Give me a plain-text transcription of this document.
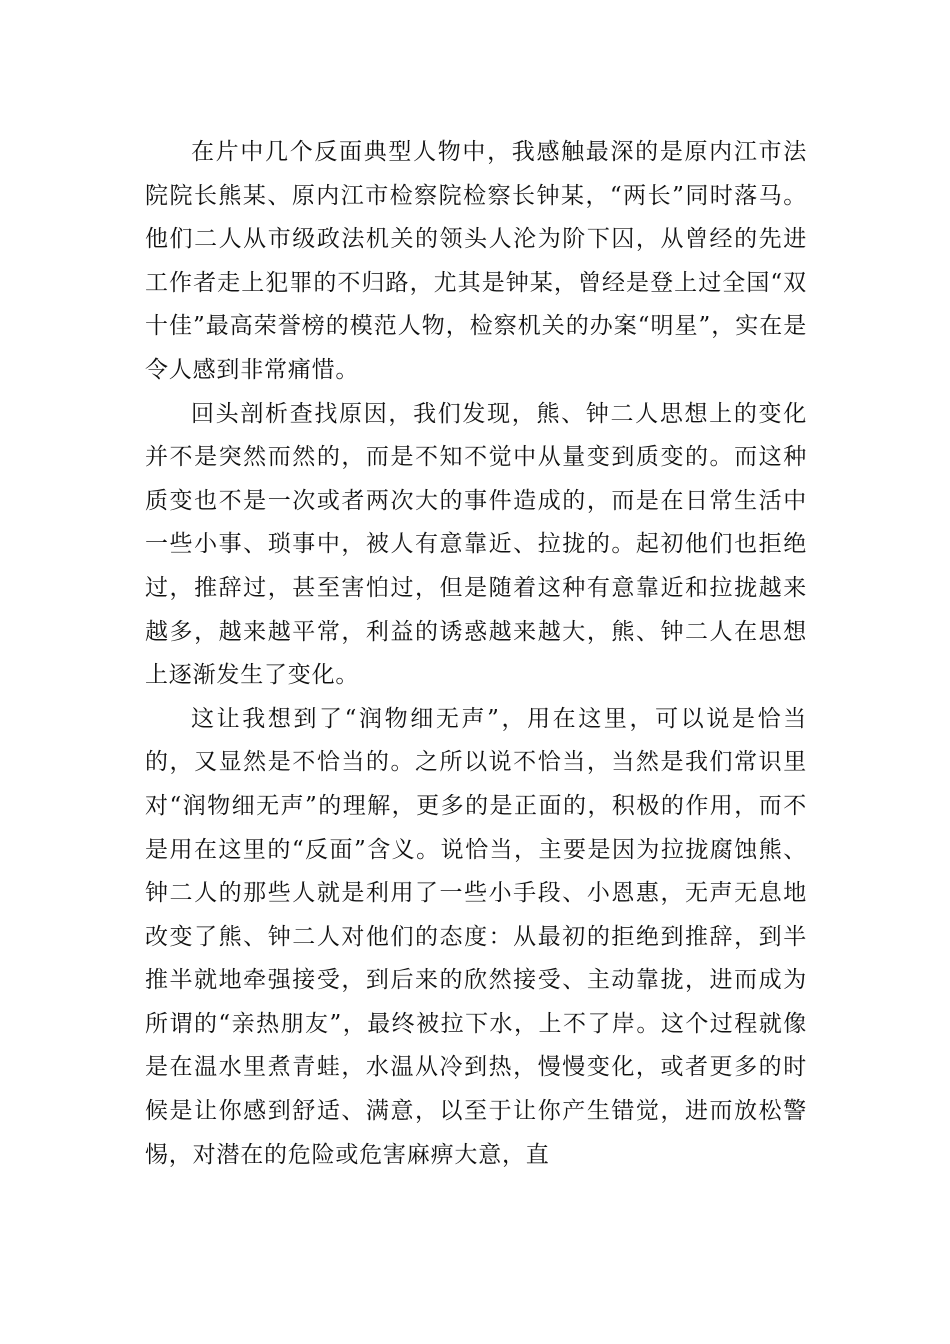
在片中几个反面典型人物中，我感触最深的是原内江市法院院长熊某、原内江市检察院检察长钟某，“两长”同时落马。他们二人从市级政法机关的领头人沦为阶下囚，从曾经的先进工作者走上犯罪的不归路，尤其是钟某，曾经是登上过全国“双十佳”最高荣誉榜的模范人物，检察机关的办案“明星”，实在是令人感到非常痛惜。

回头剖析查找原因，我们发现，熊、钟二人思想上的变化并不是突然而然的，而是不知不觉中从量变到质变的。而这种质变也不是一次或者两次大的事件造成的，而是在日常生活中一些小事、琐事中，被人有意靠近、拉拢的。起初他们也拒绝过，推辞过，甚至害怕过，但是随着这种有意靠近和拉拢越来越多，越来越平常，利益的诱惑越来越大，熊、钟二人在思想上逐渐发生了变化。

这让我想到了“润物细无声”，用在这里，可以说是恰当的，又显然是不恰当的。之所以说不恰当，当然是我们常识里对“润物细无声”的理解，更多的是正面的，积极的作用，而不是用在这里的“反面”含义。说恰当，主要是因为拉拢腐蚀熊、钟二人的那些人就是利用了一些小手段、小恩惠，无声无息地改变了熊、钟二人对他们的态度：从最初的拒绝到推辞，到半推半就地牵强接受，到后来的欣然接受、主动靠拢，进而成为所谓的“亲热朋友”，最终被拉下水，上不了岸。这个过程就像是在温水里煮青蛙，水温从冷到热，慢慢变化，或者更多的时候是让你感到舒适、满意，以至于让你产生错觉，进而放松警惕，对潜在的危险或危害麻痹大意，直
